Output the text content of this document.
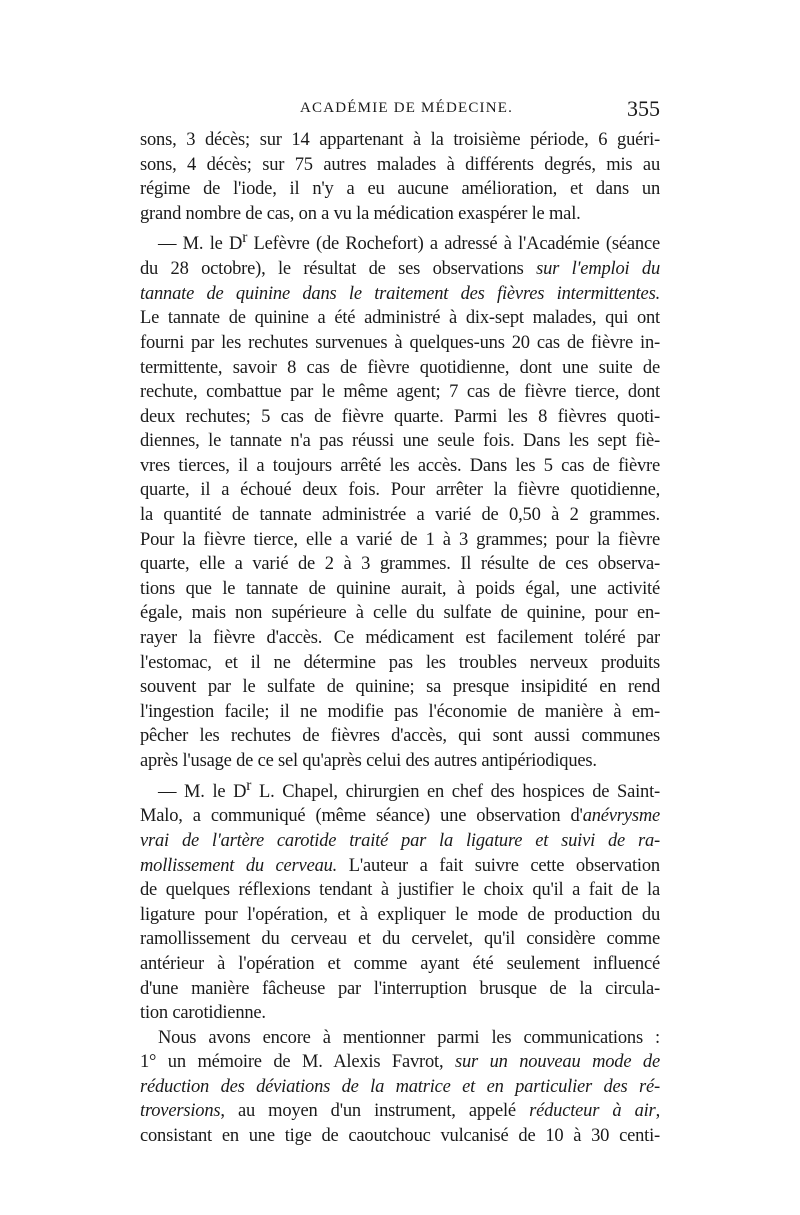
ACADÉMIE DE MÉDECINE.	355
sons, 3 décès; sur 14 appartenant à la troisième période, 6 guéri-
sons, 4 décès; sur 75 autres malades à différents degrés, mis au
régime de l'iode, il n'y a eu aucune amélioration, et dans un
grand nombre de cas, on a vu la médication exaspérer le mal.
— M. le $D^r$ Lefèvre (de Rochefort) a adressé à l'Académie (séance
du 28 octobre), le résultat de ses observations sur l'emploi du
tannate de quinine dans le traitement des fièvres intermittentes.
Le tannate de quinine a été administré à dix-sept malades, qui ont
fourni par les rechutes survenues à quelques-uns 20 cas de fièvre in-
termittente, savoir 8 cas de fièvre quotidienne, dont une suite de
rechute, combattue par le même agent; 7 cas de fièvre tierce, dont
deux rechutes; 5 cas de fièvre quarte. Parmi les 8 fièvres quoti-
diennes, le tannate n'a pas réussi une seule fois. Dans les sept fiè-
vres tierces, il a toujours arrêté les accès. Dans les 5 cas de fièvre
quarte, il a échoué deux fois. Pour arrêter la fièvre quotidienne,
la quantité de tannate administrée a varié de 0,50 à 2 grammes.
Pour la fièvre tierce, elle a varié de 1 à 3 grammes; pour la fièvre
quarte, elle a varié de 2 à 3 grammes. Il résulte de ces observa-
tions que le tannate de quinine aurait, à poids égal, une activité
égale, mais non supérieure à celle du sulfate de quinine, pour en-
rayer la fièvre d'accès. Ce médicament est facilement toléré par
l'estomac, et il ne détermine pas les troubles nerveux produits
souvent par le sulfate de quinine; sa presque insipidité en rend
l'ingestion facile; il ne modifie pas l'économie de manière à em-
pêcher les rechutes de fièvres d'accès, qui sont aussi communes
après l'usage de ce sel qu'après celui des autres antipériodiques.
— M. le $D^r$ L. Chapel, chirurgien en chef des hospices de Saint-
Malo, a communiqué (même séance) une observation d'anévrysme
vrai de l'artère carotide traité par la ligature et suivi de ra-
mollissement du cerveau. L'auteur a fait suivre cette observation
de quelques réflexions tendant à justifier le choix qu'il a fait de la
ligature pour l'opération, et à expliquer le mode de production du
ramollissement du cerveau et du cervelet, qu'il considère comme
antérieur à l'opération et comme ayant été seulement influencé
d'une manière fâcheuse par l'interruption brusque de la circula-
tion carotidienne.
Nous avons encore à mentionner parmi les communications :
1° un mémoire de M. Alexis Favrot, sur un nouveau mode de
réduction des déviations de la matrice et en particulier des ré-
troversions, au moyen d'un instrument, appelé réducteur à air,
consistant en une tige de caoutchouc vulcanisé de 10 à 30 centi-
